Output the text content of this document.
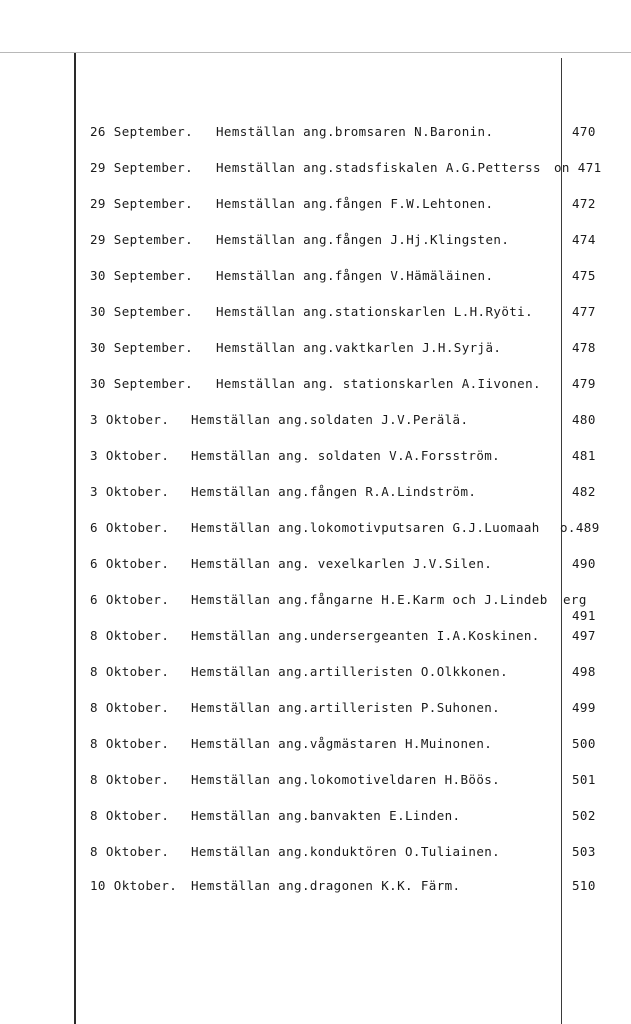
26 September. Hemställan ang.bromsaren N.Baronin.	470
29 September. Hemställan ang.stadsfiskalen A.G.Petterss on 471
29 September. Hemställan ang.fången F.W.Lehtonen.	472
29 September. Hemställan ang.fången J.Hj.Klingsten.	474
30 September. Hemställan ang.fången V.Hämäläinen.	475
30 September. Hemställan ang.stationskarlen L.H.Ryöti.	477
30 September. Hemställan ang.vaktkarlen J.H.Syrjä.	478
30 September. Hemställan ang. stationskarlen A.Iivonen. 479
3 Oktober. Hemställan ang.soldaten J.V.Perälä.	480
3 Oktober. Hemställan ang. soldaten V.A.Forsström.	481
3 Oktober. Hemställan ang.fången R.A.Lindström.	482
6 Oktober. Hemställan ang.lokomotivputsaren G.J.Luomaah o.489
6 Oktober. Hemställan ang. vexelkarlen J.V.Silen.	490
6 Oktober. Hemställan ang.fångarne H.E.Karm och J.Lindeb erg
491
8 Oktober. Hemställan ang.undersergeanten I.A.Koskinen.	497
8 Oktober. Hemställan ang.artilleristen O.Olkkonen.	498
8 Oktober. Hemställan ang.artilleristen P.Suhonen.	499
8 Oktober. Hemställan ang.vågmästaren H.Muinonen.	500
8 Oktober. Hemställan ang.lokomotiveldaren H.Böös.	501
8 Oktober. Hemställan ang.banvakten E.Linden.	502
8 Oktober. Hemställan ang.konduktören O.Tuliainen.	503
10 Oktober. Hemställan ang.dragonen K.K. Färm.	510
